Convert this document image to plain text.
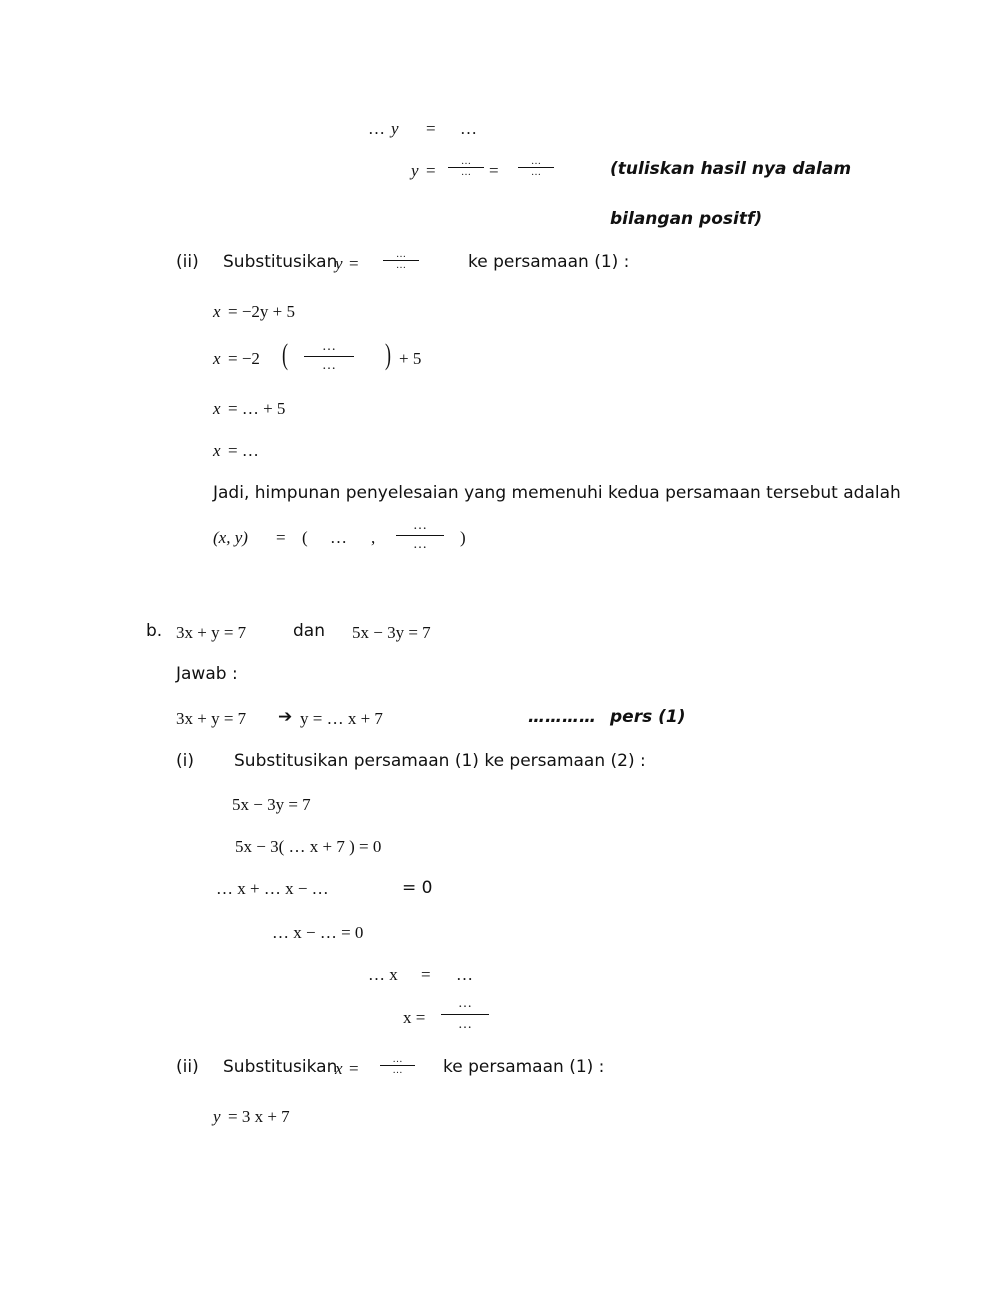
… y = …
y =	…
…	=	…
…	(tuliskan hasil nya dalam
bilangan positf)
(ii) Substitusikan
y =	…
…	ke persamaan (1) :
x = −2y + 5
x = −2 (	…
…	) + 5
x = … + 5
x = …
Jadi, himpunan penyelesaian yang memenuhi kedua persamaan tersebut adalah
(x, y) = ( … ,
…
…	)
b. 3x + y = 7	dan 5x − 3y = 7
Jawab :
3x + y = 7 ➔ y = … x + 7	………… pers (1)
(i) Substitusikan persamaan (1) ke persamaan (2) :
5x − 3y = 7
5x − 3( … x + 7 ) = 0
… x + … x − …	= 0
… x − … = 0
… x = …
x =
…
…
(ii) Substitusikan
x =	…
…	ke persamaan (1) :
y = 3 x + 7
